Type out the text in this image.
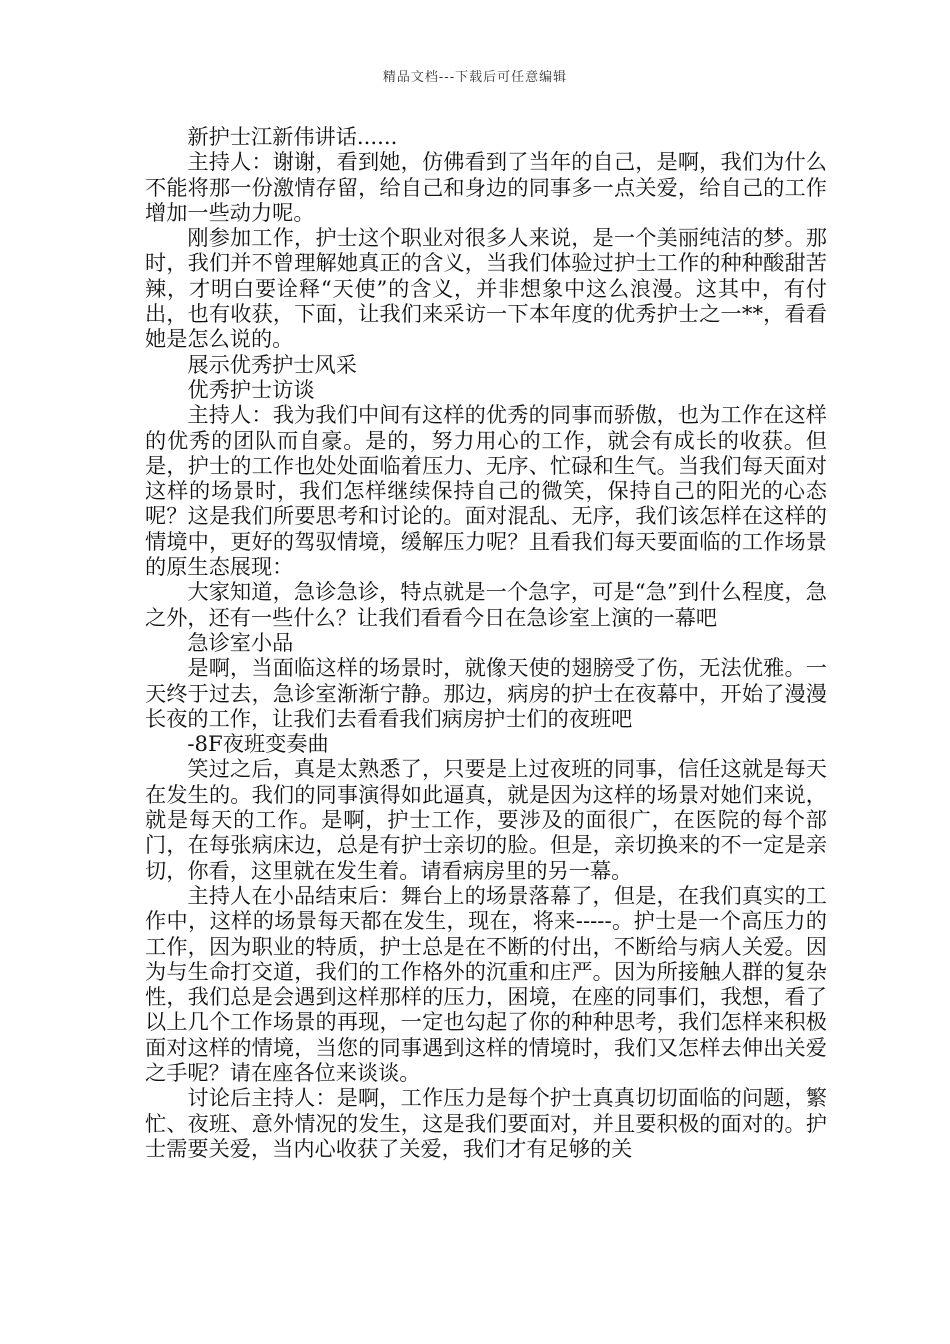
精品文档---下载后可任意编辑

新护士江新伟讲话......

主持人：谢谢，看到她，仿佛看到了当年的自己，是啊，我们为什么不能将那一份激情存留，给自己和身边的同事多一点关爱，给自己的工作增加一些动力呢。

刚参加工作，护士这个职业对很多人来说，是一个美丽纯洁的梦。那时，我们并不曾理解她真正的含义，当我们体验过护士工作的种种酸甜苦辣，才明白要诠释“天使”的含义，并非想象中这么浪漫。这其中，有付出，也有收获，下面，让我们来采访一下本年度的优秀护士之一**，看看她是怎么说的。

展示优秀护士风采

优秀护士访谈

主持人：我为我们中间有这样的优秀的同事而骄傲，也为工作在这样的优秀的团队而自豪。是的，努力用心的工作，就会有成长的收获。但是，护士的工作也处处面临着压力、无序、忙碌和生气。当我们每天面对这样的场景时，我们怎样继续保持自己的微笑，保持自己的阳光的心态呢？这是我们所要思考和讨论的。面对混乱、无序，我们该怎样在这样的情境中，更好的驾驭情境，缓解压力呢？且看我们每天要面临的工作场景的原生态展现：

大家知道，急诊急诊，特点就是一个急字，可是“急”到什么程度，急之外，还有一些什么？让我们看看今日在急诊室上演的一幕吧

急诊室小品

是啊，当面临这样的场景时，就像天使的翅膀受了伤，无法优雅。一天终于过去，急诊室渐渐宁静。那边，病房的护士在夜幕中，开始了漫漫长夜的工作，让我们去看看我们病房护士们的夜班吧

-8F夜班变奏曲

笑过之后，真是太熟悉了，只要是上过夜班的同事，信任这就是每天在发生的。我们的同事演得如此逼真，就是因为这样的场景对她们来说，就是每天的工作。是啊，护士工作，要涉及的面很广，在医院的每个部门，在每张病床边，总是有护士亲切的脸。但是，亲切换来的不一定是亲切，你看，这里就在发生着。请看病房里的另一幕。

主持人在小品结束后：舞台上的场景落幕了，但是，在我们真实的工作中，这样的场景每天都在发生，现在，将来-----。护士是一个高压力的工作，因为职业的特质，护士总是在不断的付出，不断给与病人关爱。因为与生命打交道，我们的工作格外的沉重和庄严。因为所接触人群的复杂性，我们总是会遇到这样那样的压力，困境，在座的同事们，我想，看了以上几个工作场景的再现，一定也勾起了你的种种思考，我们怎样来积极面对这样的情境，当您的同事遇到这样的情境时，我们又怎样去伸出关爱之手呢？请在座各位来谈谈。

讨论后主持人：是啊，工作压力是每个护士真真切切面临的问题，繁忙、夜班、意外情况的发生，这是我们要面对，并且要积极的面对的。护士需要关爱，当内心收获了关爱，我们才有足够的关
